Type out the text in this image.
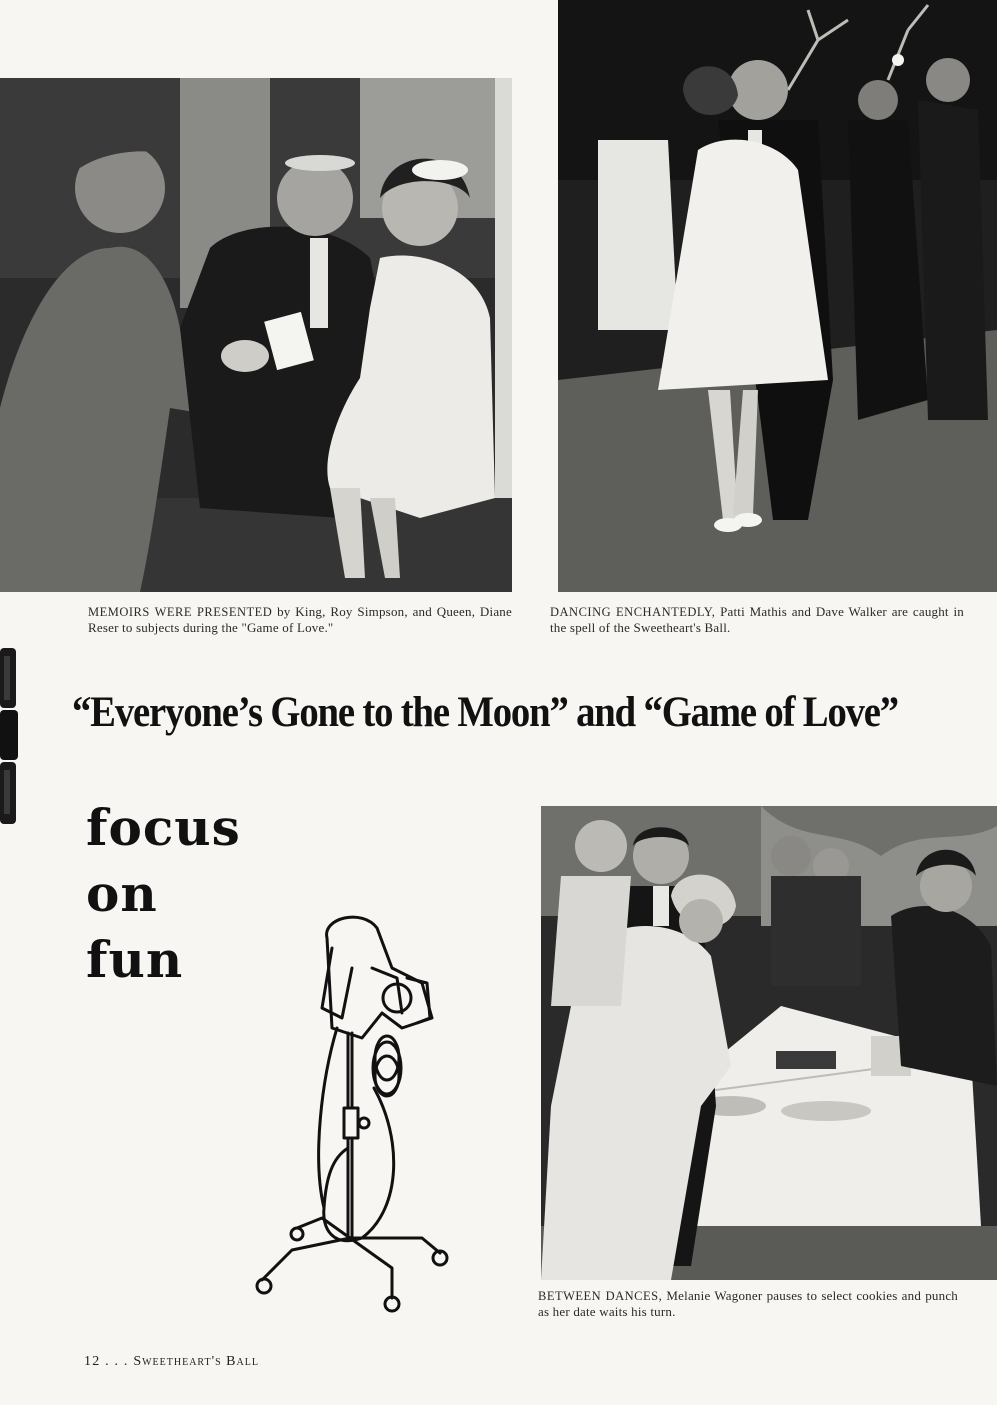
MEMOIRS WERE PRESENTED by King, Roy Simpson, and Queen, Diane Reser to subjects during the "Game of Love."
DANCING ENCHANTEDLY, Patti Mathis and Dave Walker are caught in the spell of the Sweetheart's Ball.
“Everyone’s Gone to the Moon” and “Game of Love”
focus
on
fun
BETWEEN DANCES, Melanie Wagoner pauses to select cookies and punch as her date waits his turn.
12 . . . Sweetheart's Ball
